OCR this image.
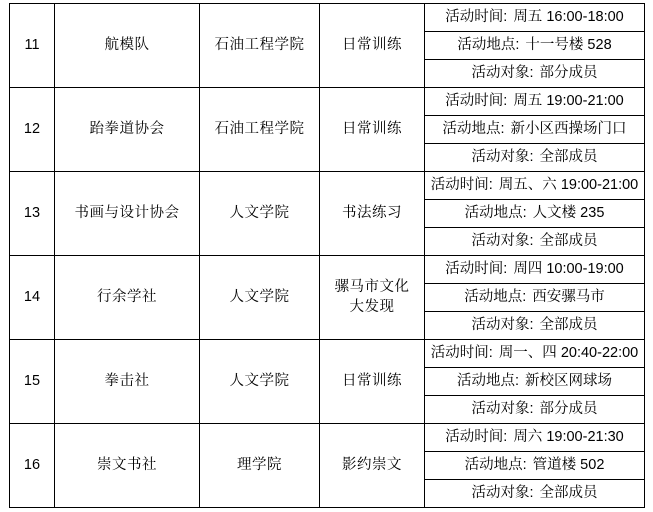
11	航模队	石油工程学院	日常训练	活动时间: 周五 16:00-18:00
				活动地点: 十一号楼 528
				活动对象: 部分成员
12	跆拳道协会	石油工程学院	日常训练	活动时间: 周五 19:00-21:00
				活动地点: 新小区西操场门口
				活动对象: 全部成员
13	书画与设计协会	人文学院	书法练习	活动时间: 周五、六 19:00-21:00
				活动地点: 人文楼 235
				活动对象: 全部成员
14	行余学社	人文学院	骡马市文化
大发现	活动时间: 周四 10:00-19:00
				活动地点: 西安骡马市
				活动对象: 全部成员
15	拳击社	人文学院	日常训练	活动时间: 周一、四 20:40-22:00
				活动地点: 新校区网球场
				活动对象: 部分成员
16	崇文书社	理学院	影约崇文	活动时间: 周六 19:00-21:30
				活动地点: 管道楼 502
				活动对象: 全部成员
